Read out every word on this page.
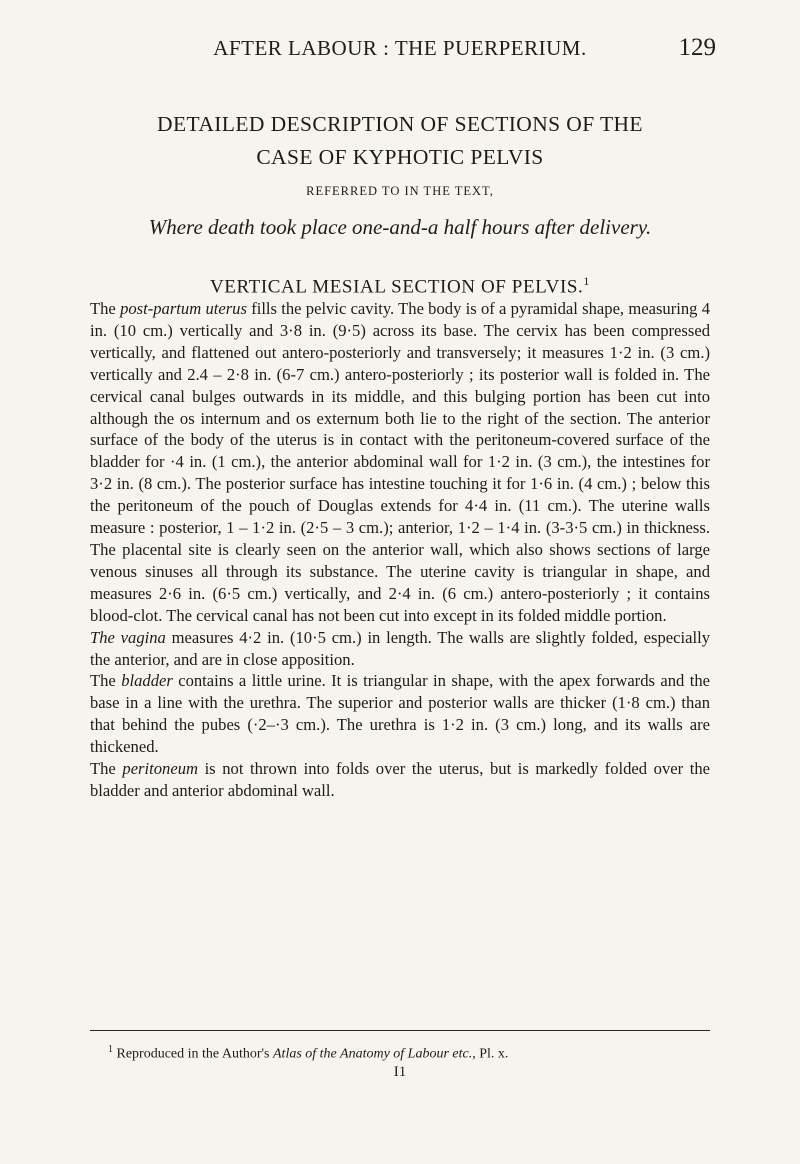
AFTER LABOUR : THE PUERPERIUM.	129

DETAILED DESCRIPTION OF SECTIONS OF THE
CASE OF KYPHOTIC PELVIS

REFERRED TO IN THE TEXT,

Where death took place one-and-a half hours after delivery.

VERTICAL MESIAL SECTION OF PELVIS.$^1$

The post-partum uterus fills the pelvic cavity. The body is of a pyramidal shape, measuring 4 in. (10 cm.) vertically and 3·8 in. (9·5) across its base. The cervix has been compressed vertically, and flattened out antero-posteriorly and transversely; it measures 1·2 in. (3 cm.) vertically and 2.4 – 2·8 in. (6-7 cm.) antero-posteriorly ; its posterior wall is folded in. The cervical canal bulges outwards in its middle, and this bulging portion has been cut into although the os internum and os externum both lie to the right of the section. The anterior surface of the body of the uterus is in contact with the peritoneum-covered surface of the bladder for ·4 in. (1 cm.), the anterior abdominal wall for 1·2 in. (3 cm.), the intestines for 3·2 in. (8 cm.). The posterior surface has intestine touching it for 1·6 in. (4 cm.) ; below this the peritoneum of the pouch of Douglas extends for 4·4 in. (11 cm.). The uterine walls measure : posterior, 1 – 1·2 in. (2·5 – 3 cm.); anterior, 1·2 – 1·4 in. (3-3·5 cm.) in thickness. The placental site is clearly seen on the anterior wall, which also shows sections of large venous sinuses all through its substance. The uterine cavity is triangular in shape, and measures 2·6 in. (6·5 cm.) vertically, and 2·4 in. (6 cm.) antero-posteriorly ; it contains blood-clot. The cervical canal has not been cut into except in its folded middle portion.

The vagina measures 4·2 in. (10·5 cm.) in length. The walls are slightly folded, especially the anterior, and are in close apposition.

The bladder contains a little urine. It is triangular in shape, with the apex forwards and the base in a line with the urethra. The superior and posterior walls are thicker (1·8 cm.) than that behind the pubes (·2–·3 cm.). The urethra is 1·2 in. (3 cm.) long, and its walls are thickened.

The peritoneum is not thrown into folds over the uterus, but is markedly folded over the bladder and anterior abdominal wall.

$^1$ Reproduced in the Author's Atlas of the Anatomy of Labour etc., Pl. x.
I1
